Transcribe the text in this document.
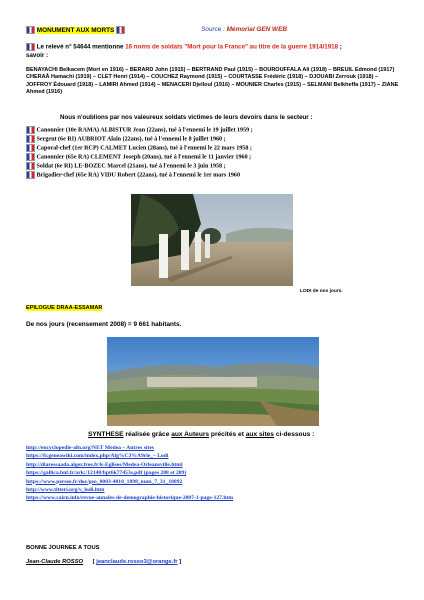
MONUMENT AUX MORTS	Source : Mémorial GEN WEB
Le relevé n° 54644 mentionne 16 noms de soldats "Mort pour la France" au titre de la guerre 1914/1918 ;
savoir :
BENAYACHI Belkacem (Mort en 1916) – BERARD John (1915) – BERTRAND Paul (1915) – BOUROUFFALA Ali (1918) – BREUIL Edmond (1917) CHERAÂ Hamachi (1919) – CLET Henri (1914) – COUCHEZ Raymond (1915) – COURTASSE Frédéric (1918) – DJOUABI Zerrouk (1918) – JOFFROY Édouard (1918) – LAMIRI Ahmed (1914) – MENACERI Djelloul (1916) – MOUNIER Charles (1915) – SELMANI Belkheffa (1917) – ZIANE Ahmed (1916)
Nous n'oublions par nos valeureux soldats victimes de leurs devoirs dans le secteur :
Canonnier (10e RAMA) ALBISTUR Jean (22ans), tué à l'ennemi le 19 juillet 1959 ;
Sergent (6e RI) AUBRIOT Alain (22ans), tué à l'ennemi le 8 juillet 1960 ;
Caporal-chef (1er RCP) CALMET Lucien (28ans), tué à l'ennemi le 22 mars 1958 ;
Canonnier (65e RA) CLEMENT Joseph (20ans), tué à l'ennemi le 11 janvier 1960 ;
Soldat (6e RI) LE-BOZEC Marcel (21ans), tué à l'ennemi le 3 juin 1958 ;
Brigadier-chef (65e RA) VIDU Robert (22ans), tué à l'ennemi le 1er mars 1960
LODI de nos jours.
EPILOGUE DRAA-ESSAMAR
De nos jours (recensement 2008) = 9 661 habitants.
SYNTHESE réalisée grâce aux Auteurs précités et aux sites ci-dessous :
http://encyclopedie-afn.org/NET Medea – Antres sites
https://fr.geneawiki.com/index.php/Alg%C3%A9rie_– Lodi
http://diaressaada.alger.free.fr/k-Eglises/Medea-Orleansville.html
https://gallica.bnf.fr/ark:/12148/bpt6k77453s.pdf (pages 208 et 209)
https://www.persee.fr/doc/geo_0003-4010_1898_num_7_31_18092
http://www.titteri.org/v_lodi.htm
https://www.cairn.info/revue-annales-de-demographie-historique-2007-1-page-127.htm
BONNE JOURNEE A TOUS
Jean-Claude ROSSO [ jeanclaude.rosso3@orange.fr ]
